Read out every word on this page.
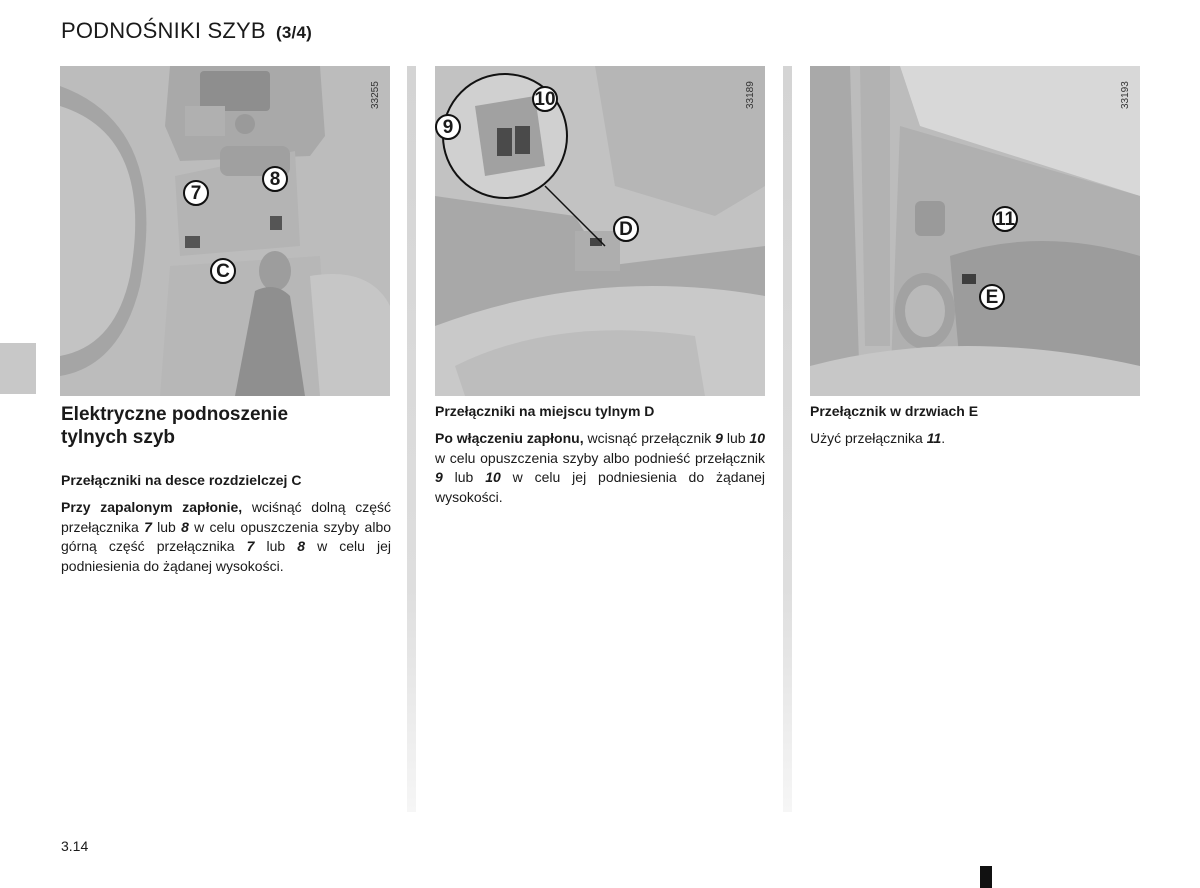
PODNOŚNIKI SZYB (3/4)
7
8
C
33255
9
10
D
33189
11
E
33193
Elektryczne podnoszenie tylnych szyb

Przełączniki na desce rozdzielczej C

Przy zapalonym zapłonie, wciśnąć dolną część przełącznika 7 lub 8 w celu opuszczenia szyby albo górną część przełącznika 7 lub 8 w celu jej podniesienia do żądanej wysokości.

Przełączniki na miejscu tylnym D

Po włączeniu zapłonu, wcisnąć przełącznik 9 lub 10 w celu opuszczenia szyby albo podnieść przełącznik 9 lub 10 w celu jej podniesienia do żądanej wysokości.

Przełącznik w drzwiach E

Użyć przełącznika 11.

3.14
